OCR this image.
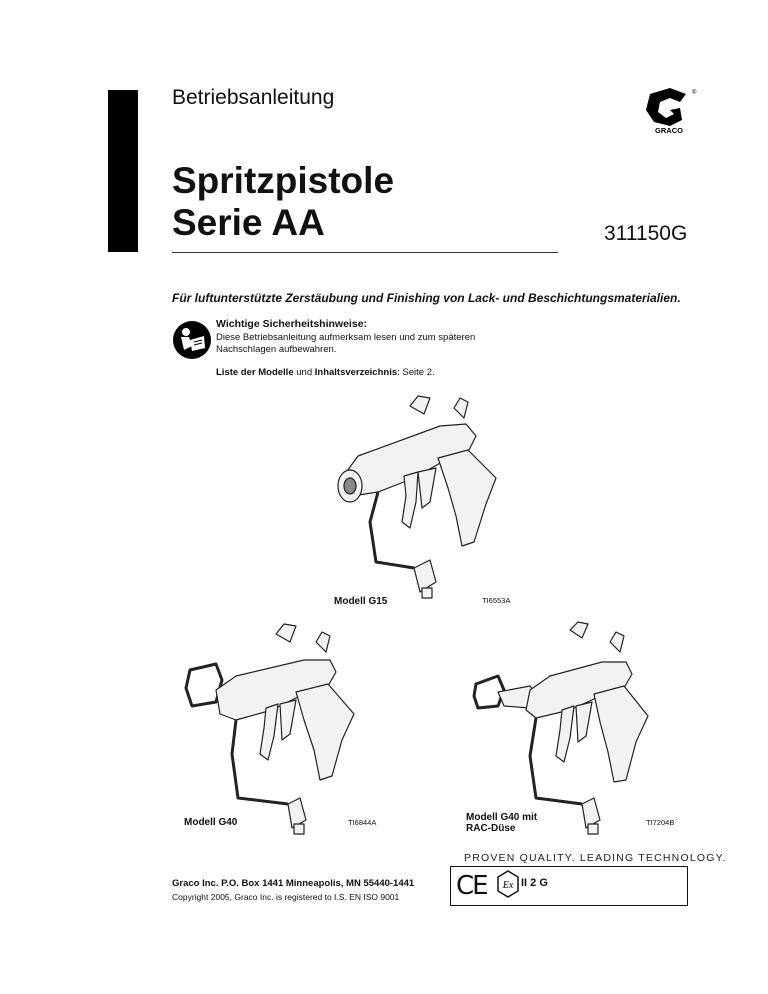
Betriebsanleitung
Spritzpistole
Serie AA	311150G
®
GRACO
Für luftunterstützte Zerstäubung und Finishing von Lack- und Beschichtungsmaterialien.
Wichtige Sicherheitshinweise:
Diese Betriebsanleitung aufmerksam lesen und zum späteren Nachschlagen aufbewahren.
Liste der Modelle und Inhaltsverzeichnis: Seite 2.
Modell G15	TI6553A
Modell G40	TI6844A	Modell G40 mit
RAC-Düse
TI7204B
PROVEN QUALITY. LEADING TECHNOLOGY.
Graco Inc. P.O. Box 1441 Minneapolis, MN 55440-1441
Copyright 2005, Graco Inc. is registered to I.S. EN ISO 9001 CE Ex II 2 G
